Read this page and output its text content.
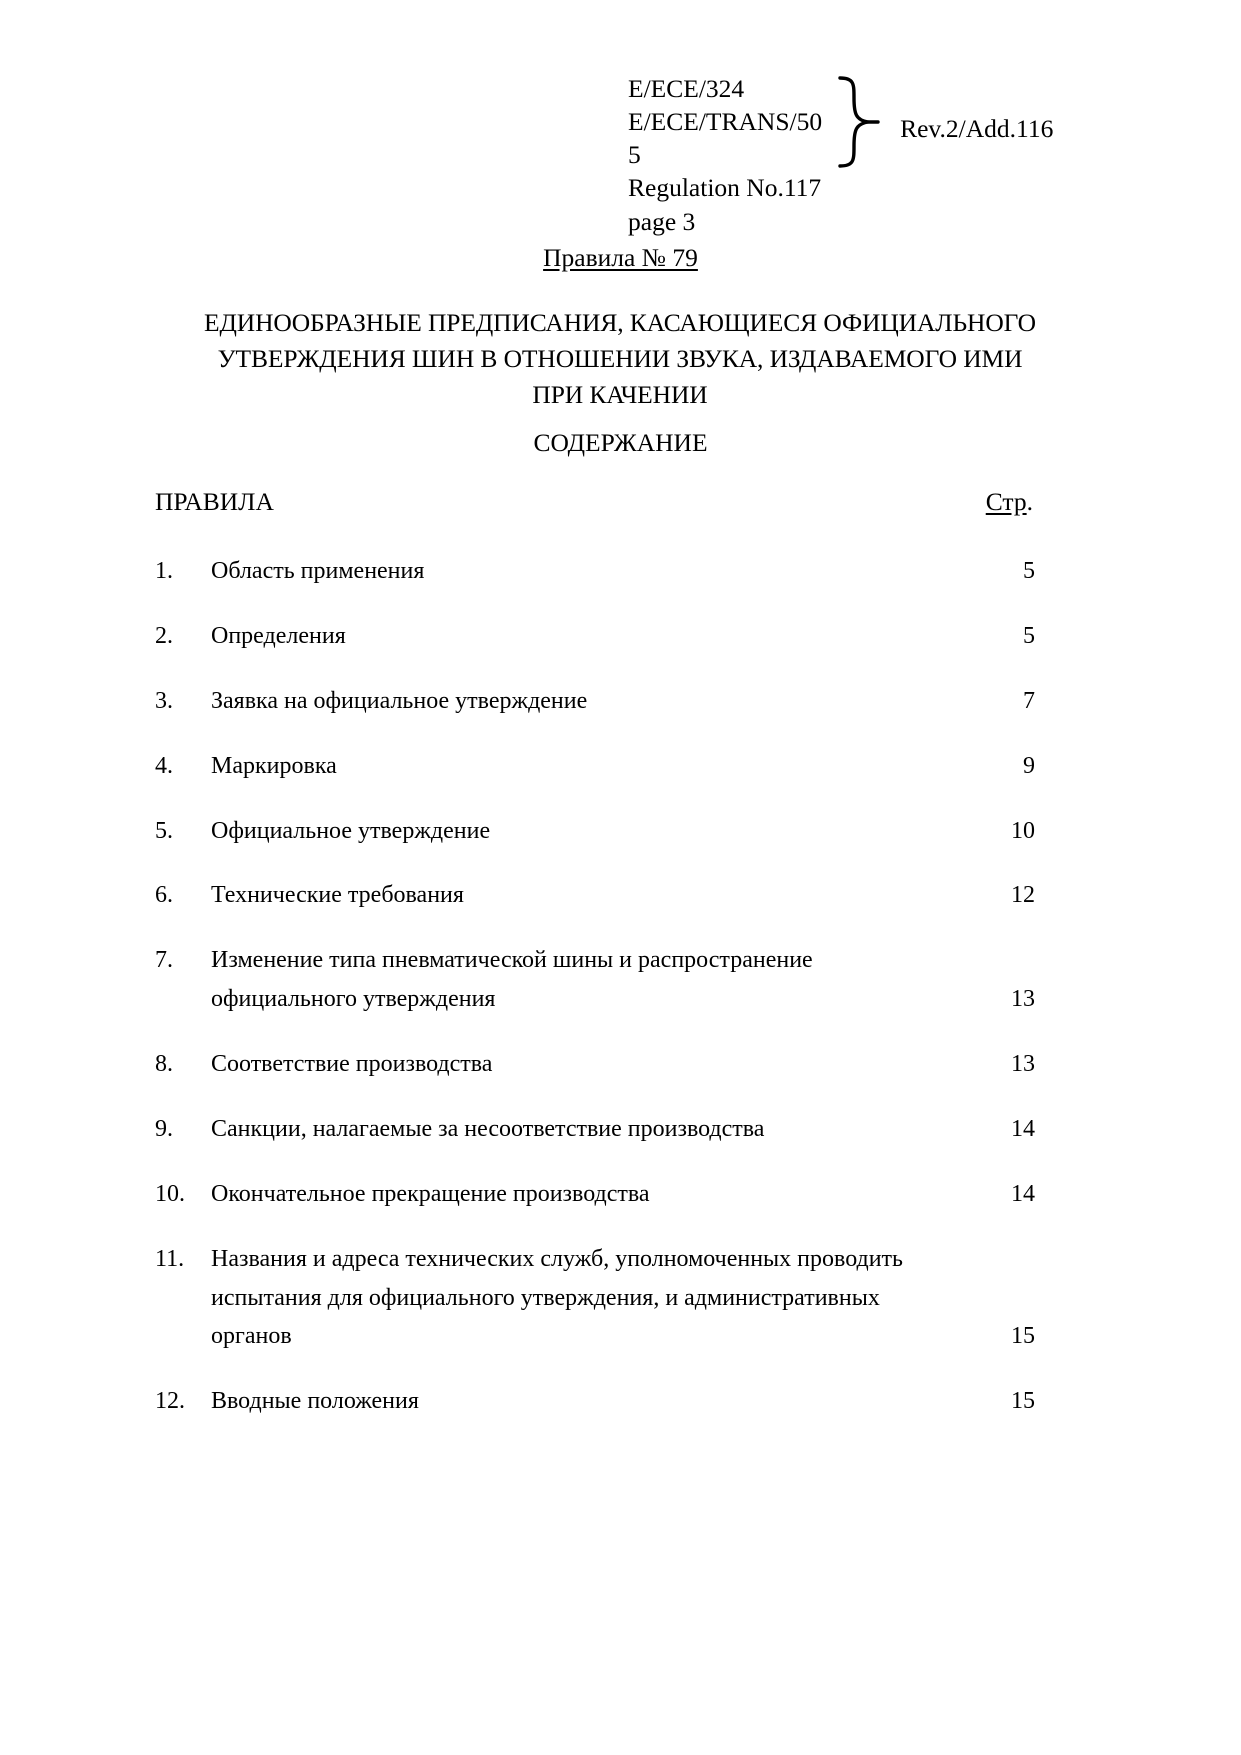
E/ECE/324
E/ECE/TRANS/50
5
Regulation No.117
page 3
Rev.2/Add.116
Правила № 79
ЕДИНООБРАЗНЫЕ ПРЕДПИСАНИЯ, КАСАЮЩИЕСЯ ОФИЦИАЛЬНОГО
УТВЕРЖДЕНИЯ ШИН В ОТНОШЕНИИ ЗВУКА, ИЗДАВАЕМОГО ИМИ
ПРИ КАЧЕНИИ
СОДЕРЖАНИЕ
ПРАВИЛА	Стр.
1.	Область применения	5
2.	Определения	5
3.	Заявка на официальное утверждение	7
4.	Маркировка	9
5.	Официальное утверждение	10
6.	Технические требования	12
7.	Изменение типа пневматической шины и распространение
официального утверждения	13
8.	Соответствие производства	13
9.	Санкции, налагаемые за несоответствие производства	14
10.	Окончательное прекращение производства	14
11.	Названия и адреса технических служб, уполномоченных проводить
испытания для официального утверждения, и административных органов	15
12.	Вводные положения	15
